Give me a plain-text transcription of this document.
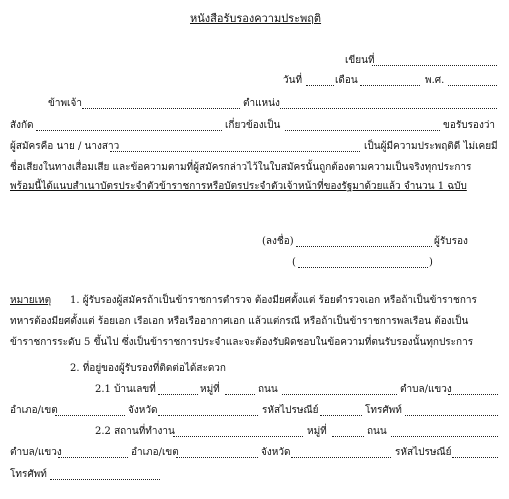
หนังสือรับรองความประพฤติ
เขียนที่
วันที่	เดือน	พ.ศ.
ข้าพเจ้า	ตำแหน่ง
สังกัด	เกี่ยวข้องเป็น	ขอรับรองว่า
ผู้สมัครคือ นาย / นางสาว	เป็นผู้มีความประพฤติดี ไม่เคยมี
ชื่อเสียงในทางเสื่อมเสีย และข้อความตามที่ผู้สมัครกล่าวไว้ในใบสมัครนั้นถูกต้องตามความเป็นจริงทุกประการ
พร้อมนี้ได้แนบสำเนาบัตรประจำตัวข้าราชการหรือบัตรประจำตัวเจ้าหน้าที่ของรัฐมาด้วยแล้ว จำนวน 1 ฉบับ
(ลงชื่อ)	ผู้รับรอง
(	)
หมายเหตุ 1. ผู้รับรองผู้สมัครถ้าเป็นข้าราชการตำรวจ ต้องมียศตั้งแต่ ร้อยตำรวจเอก หรือถ้าเป็นข้าราชการ
ทหารต้องมียศตั้งแต่ ร้อยเอก เรือเอก หรือเรืออากาศเอก แล้วแต่กรณี หรือถ้าเป็นข้าราชการพลเรือน ต้องเป็น
ข้าราชการระดับ 5 ขึ้นไป ซึ่งเป็นข้าราชการประจำและจะต้องรับผิดชอบในข้อความที่ตนรับรองนั้นทุกประการ
2. ที่อยู่ของผู้รับรองที่ติดต่อได้สะดวก
2.1 บ้านเลขที่	หมู่ที่	ถนน	ตำบล/แขวง
อำเภอ/เขต	จังหวัด	รหัสไปรษณีย์	โทรศัพท์
2.2 สถานที่ทำงาน	หมู่ที่	ถนน
ตำบล/แขวง	อำเภอ/เขต	จังหวัด	รหัสไปรษณีย์
โทรศัพท์
